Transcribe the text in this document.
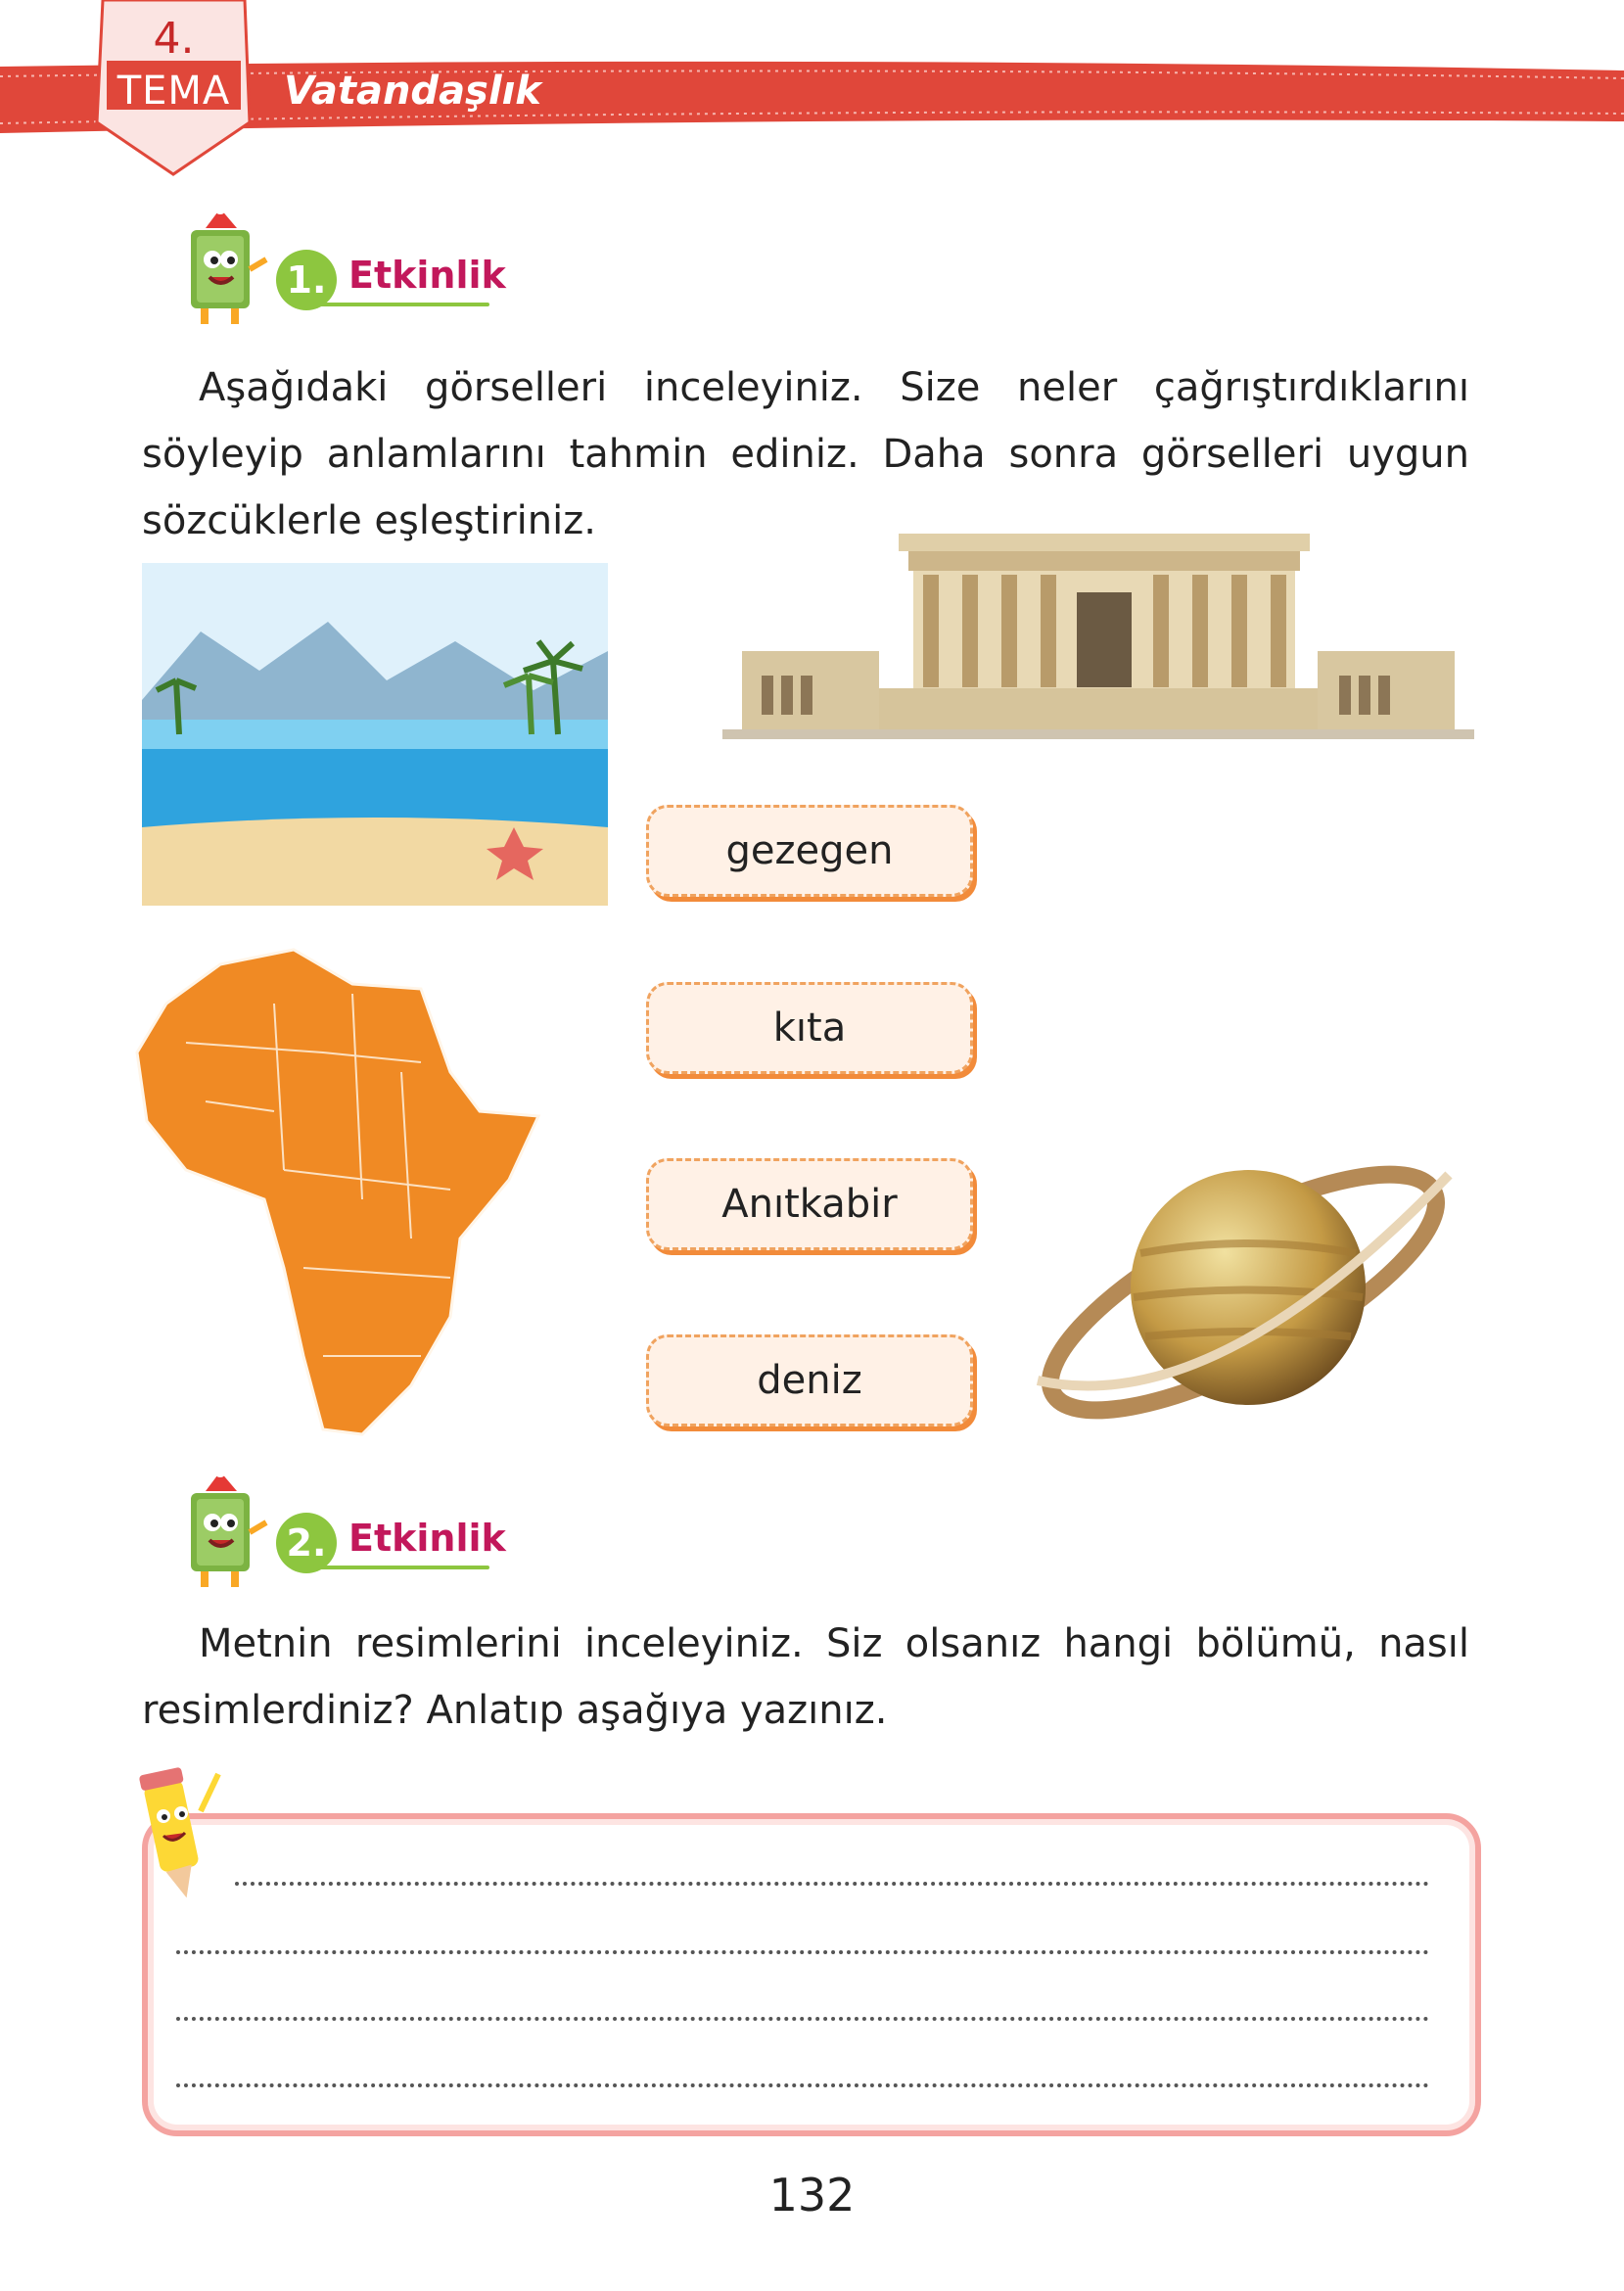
4.
TEMA	Vatandaşlık
1. Etkinlik
Aşağıdaki görselleri inceleyiniz. Size neler çağrıştırdıklarını söyleyip anlamlarını tahmin ediniz. Daha sonra görselleri uygun sözcüklerle eşleştiriniz.
gezegen
kıta
Anıtkabir
deniz
2. Etkinlik
Metnin resimlerini inceleyiniz. Siz olsanız hangi bölümü, nasıl resimlerdiniz? Anlatıp aşağıya yazınız.
132
